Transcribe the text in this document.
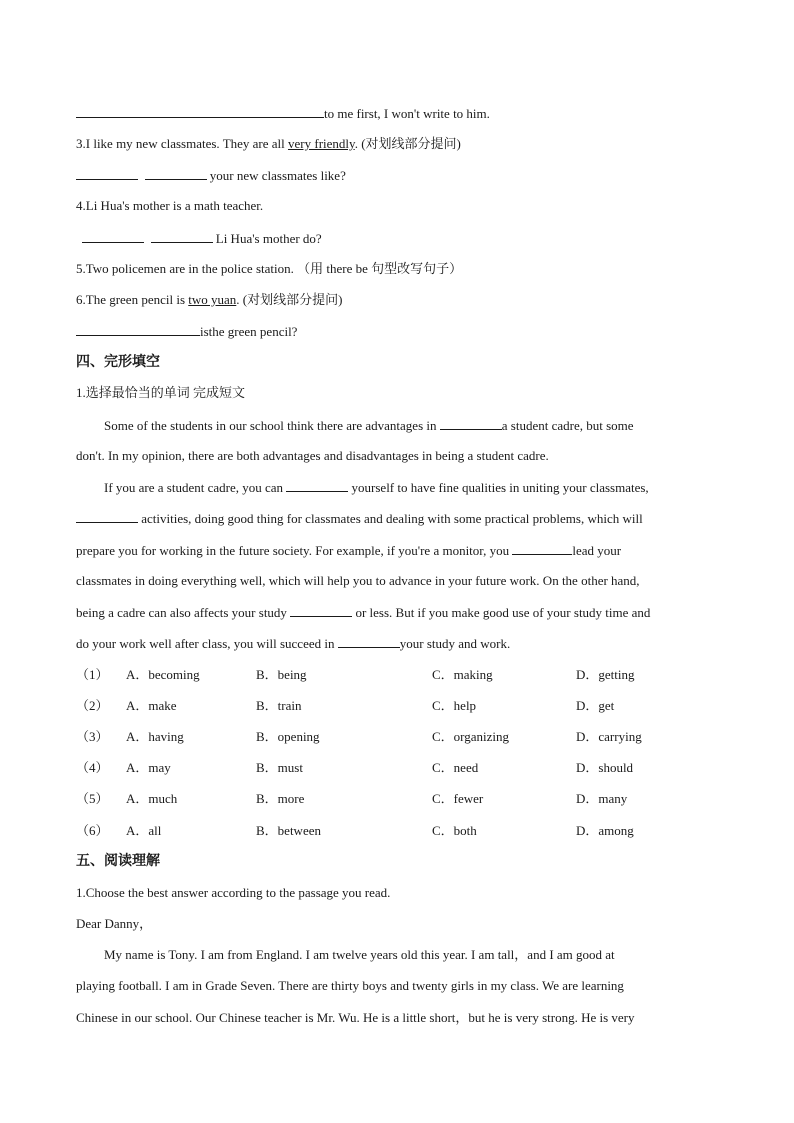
to me first, I won't write to him.
3.I like my new classmates. They are all very friendly. (对划线部分提问)
your new classmates like?
4.Li Hua's mother is a math teacher.
Li Hua's mother do?
5.Two policemen are in the police station. （用 there be 句型改写句子）
6.The green pencil is two yuan. (对划线部分提问)
isthe green pencil?
四、完形填空
1.选择最恰当的单词 完成短文
Some of the students in our school think there are advantages in	a student cadre, but some
don't. In my opinion, there are both advantages and disadvantages in being a student cadre.
If you are a student cadre, you can	yourself to have fine qualities in uniting your classmates,
activities, doing good thing for classmates and dealing with some practical problems, which will
prepare you for working in the future society. For example, if you're a monitor, you	lead your
classmates in doing everything well, which will help you to advance in your future work. On the other hand,
being a cadre can also affects your study	or less. But if you make good use of your study time and
do your work well after class, you will succeed in	your study and work.
（1） A．becoming	B．being	C．making	D．getting
（2） A．make	B．train	C．help	D．get
（3） A．having	B．opening	C．organizing	D．carrying
（4） A．may	B．must	C．need	D．should
（5） A．much	B．more	C．fewer	D．many
（6） A．all	B．between	C．both	D．among
五、阅读理解
1.Choose the best answer according to the passage you read.
Dear Danny，
My name is Tony. I am from England. I am twelve years old this year. I am tall，and I am good at
playing football. I am in Grade Seven. There are thirty boys and twenty girls in my class. We are learning
Chinese in our school. Our Chinese teacher is Mr. Wu. He is a little short，but he is very strong. He is very
